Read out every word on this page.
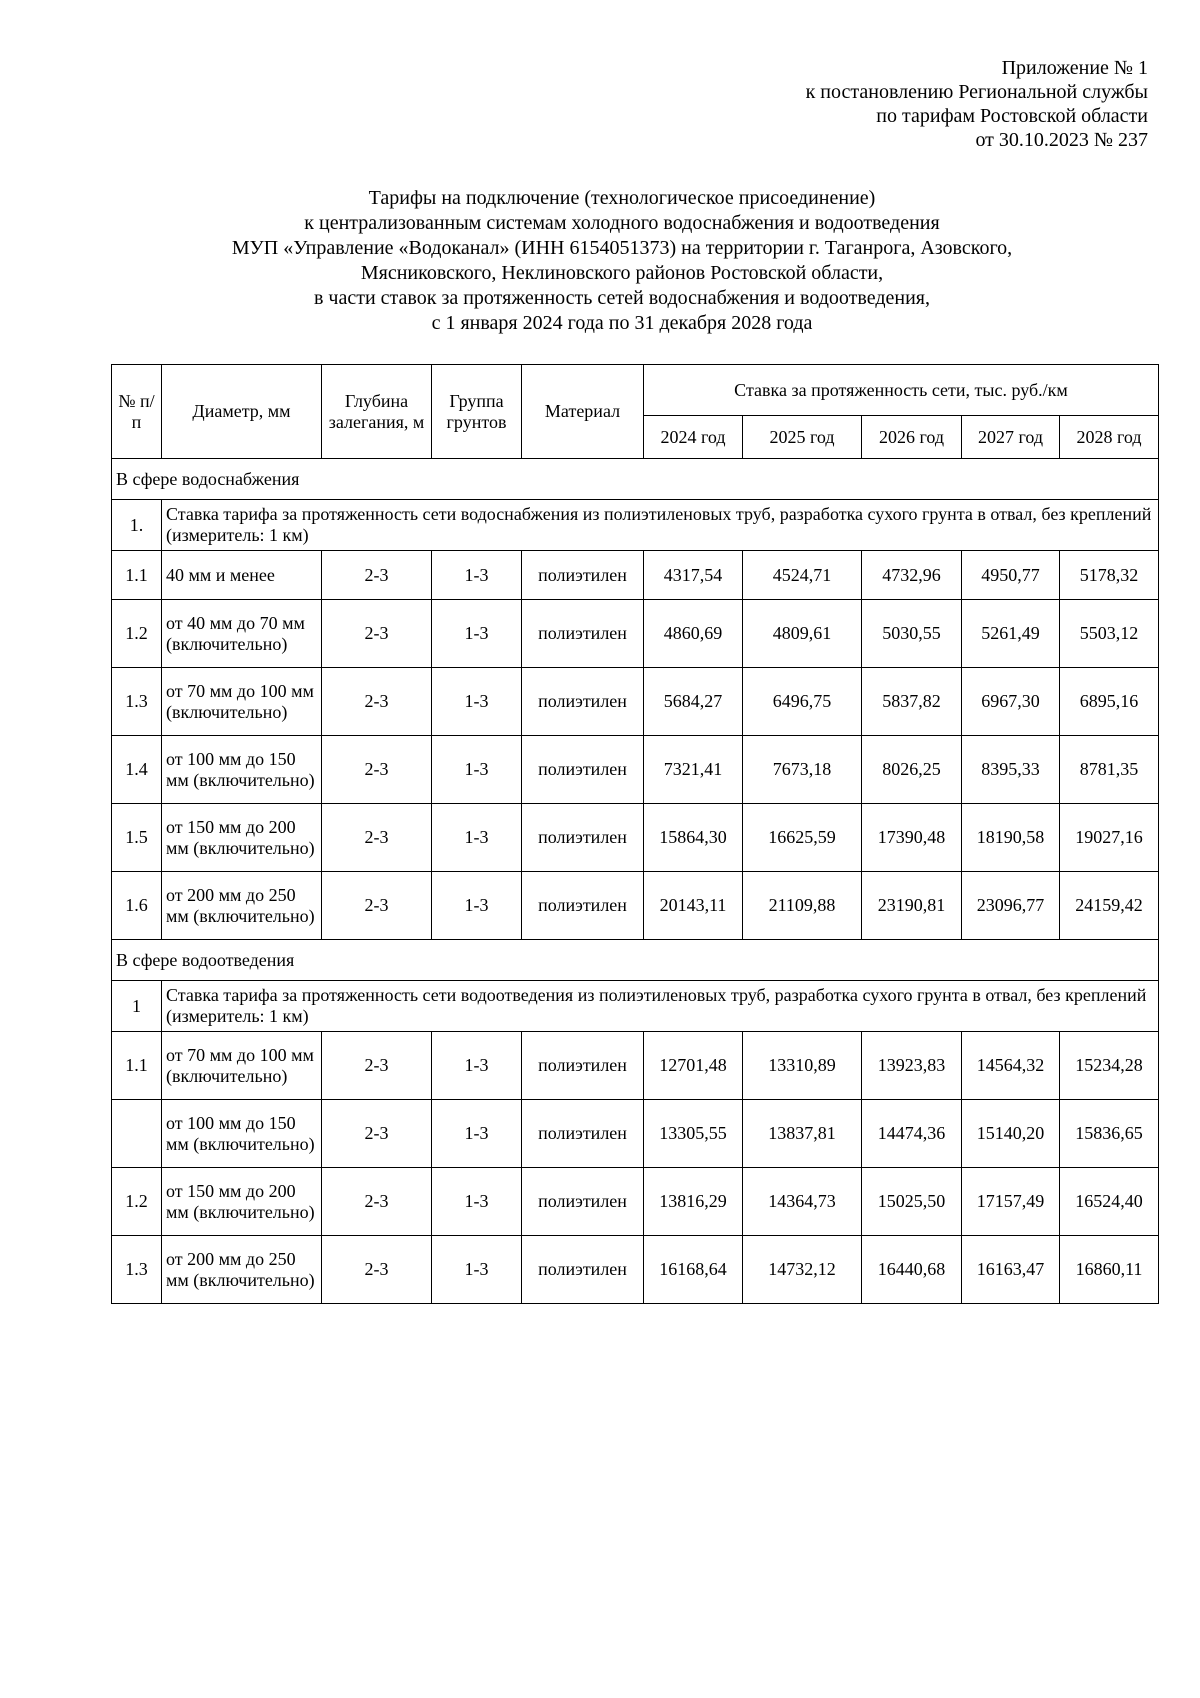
Приложение № 1
к постановлению Региональной службы
по тарифам Ростовской области
от 30.10.2023 № 237
Тарифы на подключение (технологическое присоединение)
к централизованным системам холодного водоснабжения и водоотведения
МУП «Управление «Водоканал» (ИНН 6154051373) на территории г. Таганрога, Азовского,
Мясниковского, Неклиновского районов Ростовской области,
в части ставок за протяженность сетей водоснабжения и водоотведения,
с 1 января 2024 года по 31 декабря 2028 года
№ п/п	Диаметр, мм	Глубина залегания, м	Группа грунтов	Материал	Ставка за протяженность сети, тыс. руб./км				
					2024 год	2025 год	2026 год	2027 год	2028 год
В сфере водоснабжения									
1.	Ставка тарифа за протяженность сети водоснабжения из полиэтиленовых труб, разработка сухого грунта в отвал, без креплений (измеритель: 1 км)								
1.1	40 мм и менее	2-3	1-3	полиэтилен	4317,54	4524,71	4732,96	4950,77	5178,32
1.2	от 40 мм до 70 мм (включительно)	2-3	1-3	полиэтилен	4860,69	4809,61	5030,55	5261,49	5503,12
1.3	от 70 мм до 100 мм (включительно)	2-3	1-3	полиэтилен	5684,27	6496,75	5837,82	6967,30	6895,16
1.4	от 100 мм до 150 мм (включительно)	2-3	1-3	полиэтилен	7321,41	7673,18	8026,25	8395,33	8781,35
1.5	от 150 мм до 200 мм (включительно)	2-3	1-3	полиэтилен	15864,30	16625,59	17390,48	18190,58	19027,16
1.6	от 200 мм до 250 мм (включительно)	2-3	1-3	полиэтилен	20143,11	21109,88	23190,81	23096,77	24159,42
В сфере водоотведения									
1	Ставка тарифа за протяженность сети водоотведения из полиэтиленовых труб, разработка сухого грунта в отвал, без креплений (измеритель: 1 км)								
1.1	от 70 мм до 100 мм (включительно)	2-3	1-3	полиэтилен	12701,48	13310,89	13923,83	14564,32	15234,28
	от 100 мм до 150 мм (включительно)	2-3	1-3	полиэтилен	13305,55	13837,81	14474,36	15140,20	15836,65
1.2	от 150 мм до 200 мм (включительно)	2-3	1-3	полиэтилен	13816,29	14364,73	15025,50	17157,49	16524,40
1.3	от 200 мм до 250 мм (включительно)	2-3	1-3	полиэтилен	16168,64	14732,12	16440,68	16163,47	16860,11
